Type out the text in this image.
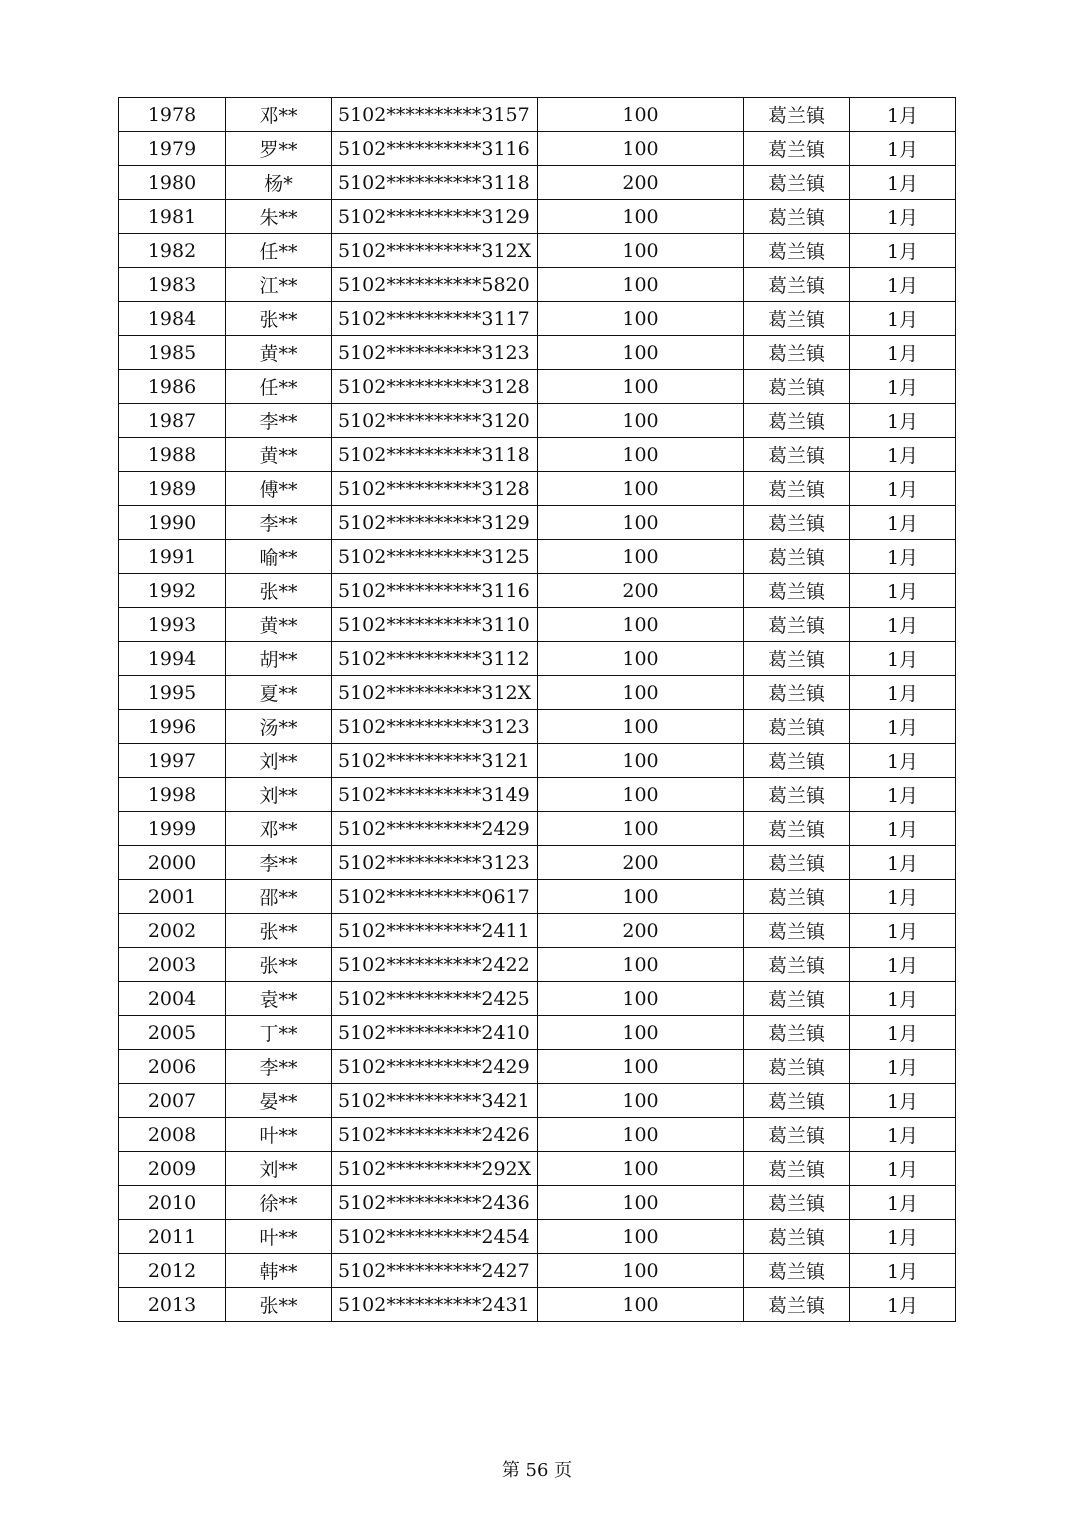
1978	邓**	5102**********3157	100	葛兰镇	1月
1979	罗**	5102**********3116	100	葛兰镇	1月
1980	杨*	5102**********3118	200	葛兰镇	1月
1981	朱**	5102**********3129	100	葛兰镇	1月
1982	任**	5102**********312X	100	葛兰镇	1月
1983	江**	5102**********5820	100	葛兰镇	1月
1984	张**	5102**********3117	100	葛兰镇	1月
1985	黄**	5102**********3123	100	葛兰镇	1月
1986	任**	5102**********3128	100	葛兰镇	1月
1987	李**	5102**********3120	100	葛兰镇	1月
1988	黄**	5102**********3118	100	葛兰镇	1月
1989	傅**	5102**********3128	100	葛兰镇	1月
1990	李**	5102**********3129	100	葛兰镇	1月
1991	喻**	5102**********3125	100	葛兰镇	1月
1992	张**	5102**********3116	200	葛兰镇	1月
1993	黄**	5102**********3110	100	葛兰镇	1月
1994	胡**	5102**********3112	100	葛兰镇	1月
1995	夏**	5102**********312X	100	葛兰镇	1月
1996	汤**	5102**********3123	100	葛兰镇	1月
1997	刘**	5102**********3121	100	葛兰镇	1月
1998	刘**	5102**********3149	100	葛兰镇	1月
1999	邓**	5102**********2429	100	葛兰镇	1月
2000	李**	5102**********3123	200	葛兰镇	1月
2001	邵**	5102**********0617	100	葛兰镇	1月
2002	张**	5102**********2411	200	葛兰镇	1月
2003	张**	5102**********2422	100	葛兰镇	1月
2004	袁**	5102**********2425	100	葛兰镇	1月
2005	丁**	5102**********2410	100	葛兰镇	1月
2006	李**	5102**********2429	100	葛兰镇	1月
2007	晏**	5102**********3421	100	葛兰镇	1月
2008	叶**	5102**********2426	100	葛兰镇	1月
2009	刘**	5102**********292X	100	葛兰镇	1月
2010	徐**	5102**********2436	100	葛兰镇	1月
2011	叶**	5102**********2454	100	葛兰镇	1月
2012	韩**	5102**********2427	100	葛兰镇	1月
2013	张**	5102**********2431	100	葛兰镇	1月
第 56 页
